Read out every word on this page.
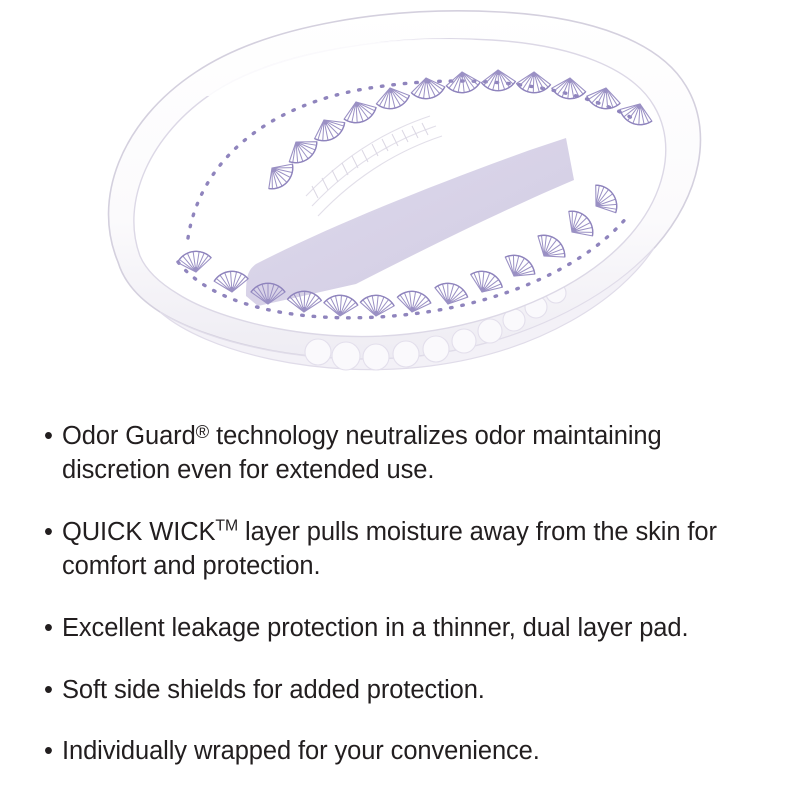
• Odor Guard® technology neutralizes odor maintaining discretion even for extended use.
• QUICK WICK™ layer pulls moisture away from the skin for comfort and protection.
• Excellent leakage protection in a thinner, dual layer pad.
• Soft side shields for added protection.
• Individually wrapped for your convenience.
